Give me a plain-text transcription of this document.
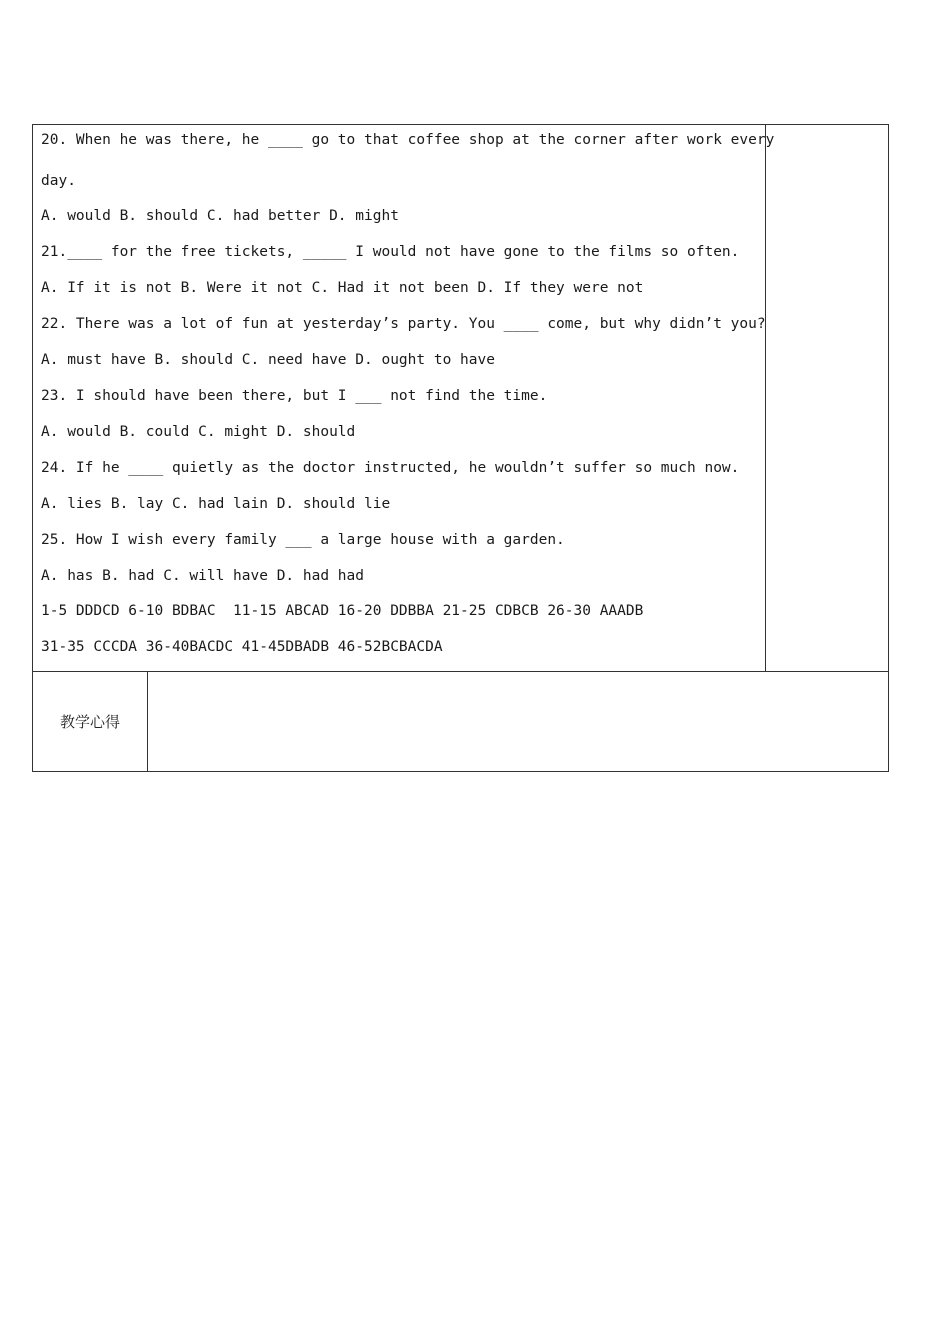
20. When he was there, he ____ go to that coffee shop at the corner after work every
day.
A. would B. should C. had better D. might
21.____ for the free tickets, _____ I would not have gone to the films so often.
A. If it is not B. Were it not C. Had it not been D. If they were not
22. There was a lot of fun at yesterday’s party. You ____ come, but why didn’t you?
A. must have B. should C. need have D. ought to have
23. I should have been there, but I ___ not find the time.
A. would B. could C. might D. should
24. If he ____ quietly as the doctor instructed, he wouldn’t suffer so much now.
A. lies B. lay C. had lain D. should lie
25. How I wish every family ___ a large house with a garden.
A. has B. had C. will have D. had had
1-5 DDDCD 6-10 BDBAC  11-15 ABCAD 16-20 DDBBA 21-25 CDBCB 26-30 AAADB
31-35 CCCDA 36-40BACDC 41-45DBADB 46-52BCBACDA
教学心得
